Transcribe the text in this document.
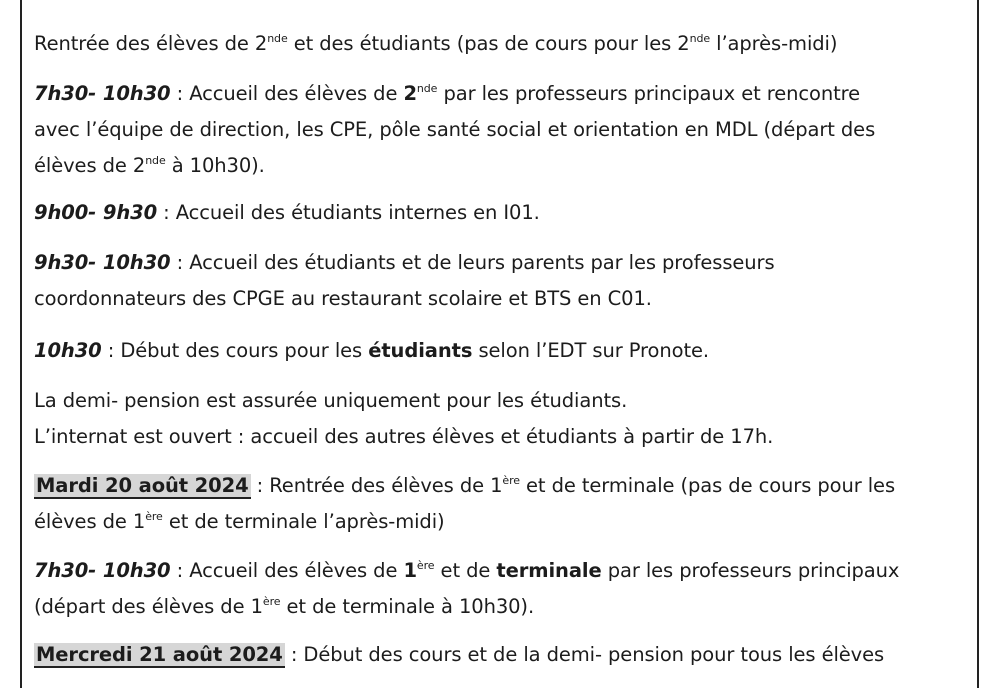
Rentrée des élèves de 2nde et des étudiants (pas de cours pour les 2nde l’après-midi)
7h30- 10h30 : Accueil des élèves de 2nde par les professeurs principaux et rencontre
avec l’équipe de direction, les CPE, pôle santé social et orientation en MDL (départ des
élèves de 2nde à 10h30).
9h00- 9h30 : Accueil des étudiants internes en I01.
9h30- 10h30 : Accueil des étudiants et de leurs parents par les professeurs
coordonnateurs des CPGE au restaurant scolaire et BTS en C01.
10h30 : Début des cours pour les étudiants selon l’EDT sur Pronote.
La demi- pension est assurée uniquement pour les étudiants.
L’internat est ouvert : accueil des autres élèves et étudiants à partir de 17h.
Mardi 20 août 2024 : Rentrée des élèves de 1ère et de terminale (pas de cours pour les
élèves de 1ère et de terminale l’après-midi)
7h30- 10h30 : Accueil des élèves de 1ère et de terminale par les professeurs principaux
(départ des élèves de 1ère et de terminale à 10h30).
Mercredi 21 août 2024 : Début des cours et de la demi- pension pour tous les élèves
